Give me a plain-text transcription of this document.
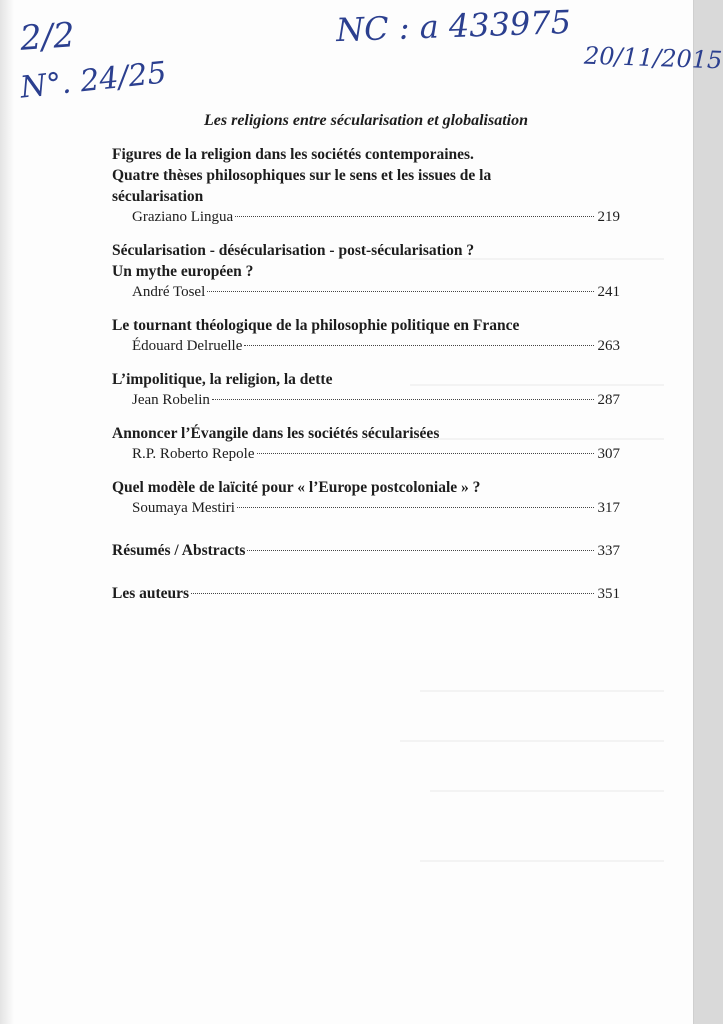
2/2
N°. 24/25
NC : a 433975
20/11/2015
Les religions entre sécularisation et globalisation
Figures de la religion dans les sociétés contemporaines.
Quatre thèses philosophiques sur le sens et les issues de la
sécularisation
Graziano Lingua	219
Sécularisation - désécularisation - post-sécularisation ?
Un mythe européen ?
André Tosel	241
Le tournant théologique de la philosophie politique en France
Édouard Delruelle	263
L’impolitique, la religion, la dette
Jean Robelin	287
Annoncer l’Évangile dans les sociétés sécularisées
R.P. Roberto Repole	307
Quel modèle de laïcité pour « l’Europe postcoloniale » ?
Soumaya Mestiri	317
Résumés / Abstracts	337
Les auteurs	351
